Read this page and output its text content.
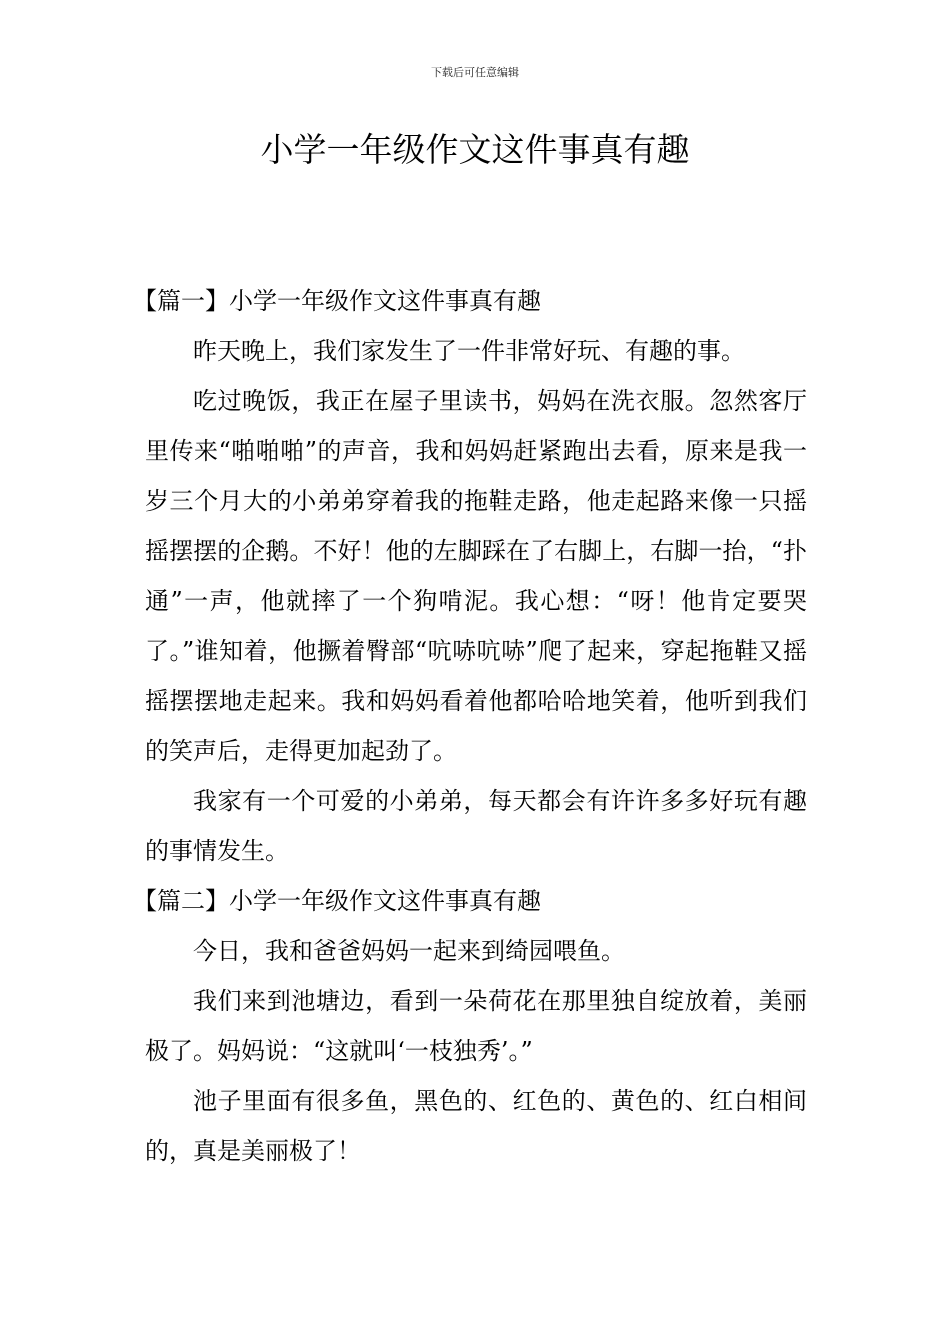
下载后可任意编辑
小学一年级作文这件事真有趣

【篇一】小学一年级作文这件事真有趣

昨天晚上，我们家发生了一件非常好玩、有趣的事。

吃过晚饭，我正在屋子里读书，妈妈在洗衣服。忽然客厅里传来“啪啪啪”的声音，我和妈妈赶紧跑出去看，原来是我一岁三个月大的小弟弟穿着我的拖鞋走路，他走起路来像一只摇摇摆摆的企鹅。不好！他的左脚踩在了右脚上，右脚一抬，“扑通”一声，他就摔了一个狗啃泥。我心想：“呀！他肯定要哭了。”谁知着，他撅着臀部“吭哧吭哧”爬了起来，穿起拖鞋又摇摇摆摆地走起来。我和妈妈看着他都哈哈地笑着，他听到我们的笑声后，走得更加起劲了。

我家有一个可爱的小弟弟，每天都会有许许多多好玩有趣的事情发生。

【篇二】小学一年级作文这件事真有趣

今日，我和爸爸妈妈一起来到绮园喂鱼。

我们来到池塘边，看到一朵荷花在那里独自绽放着，美丽极了。妈妈说：“这就叫‘一枝独秀’。”

池子里面有很多鱼，黑色的、红色的、黄色的、红白相间的，真是美丽极了！
